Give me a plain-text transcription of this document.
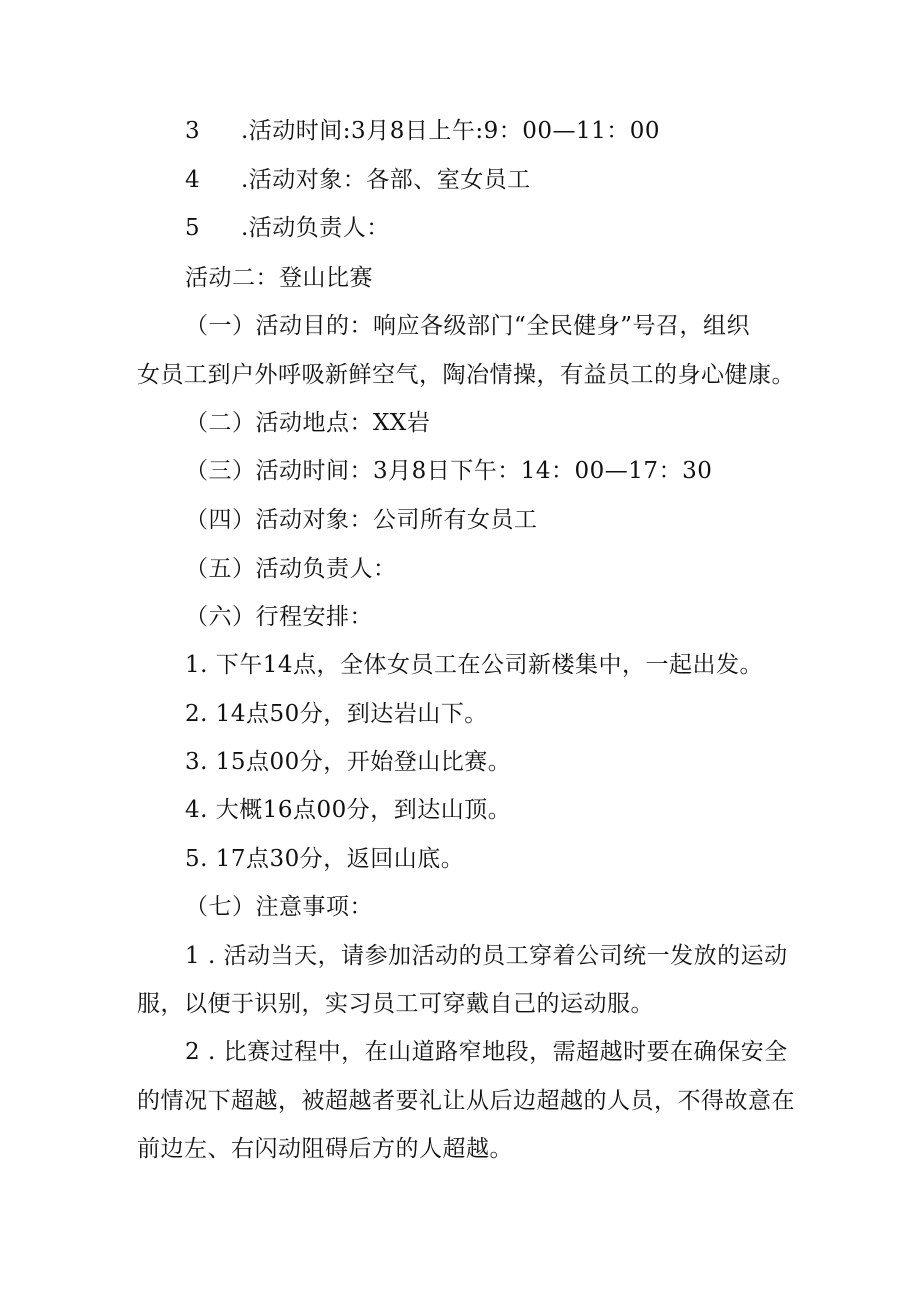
3 .活动时间:3月8日上午:9：00—11：00
4 .活动对象：各部、室女员工
5 .活动负责人：
活动二：登山比赛
（一）活动目的：响应各级部门“全民健身”号召，组织
女员工到户外呼吸新鲜空气，陶冶情操，有益员工的身心健康。
（二）活动地点：XX岩
（三）活动时间：3月8日下午：14：00—17：30
（四）活动对象：公司所有女员工
（五）活动负责人：
（六）行程安排：
1. 下午14点，全体女员工在公司新楼集中，一起出发。
2. 14点50分，到达岩山下。
3. 15点00分，开始登山比赛。
4. 大概16点00分，到达山顶。
5. 17点30分，返回山底。
（七）注意事项：
1 . 活动当天，请参加活动的员工穿着公司统一发放的运动
服，以便于识别，实习员工可穿戴自己的运动服。
2 . 比赛过程中，在山道路窄地段，需超越时要在确保安全
的情况下超越，被超越者要礼让从后边超越的人员，不得故意在
前边左、右闪动阻碍后方的人超越。
